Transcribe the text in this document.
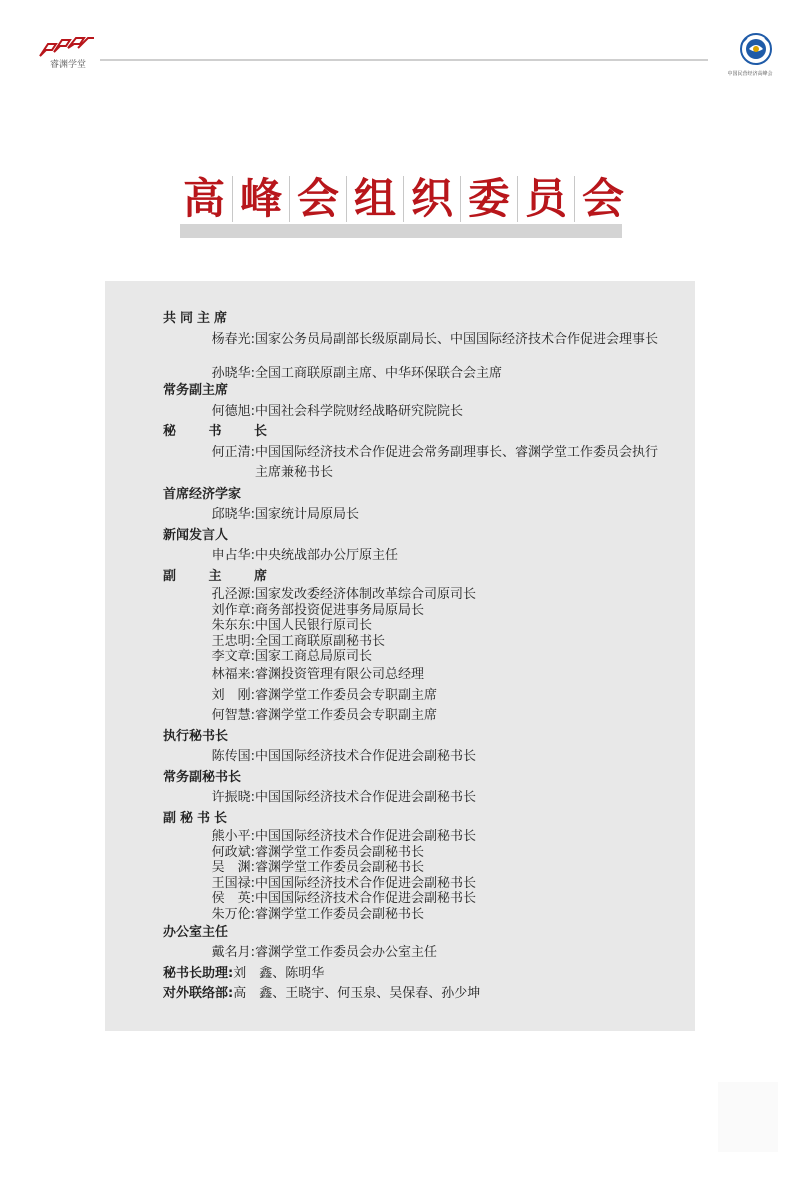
睿渊学堂
中国民营经济高峰会
高 峰 会 组 织 委 员 会
共同主席
杨春光: 国家公务员局副部长级原副局长、中国国际经济技术合作促进会理事长
孙晓华: 全国工商联原副主席、中华环保联合会主席
常务副主席
何德旭: 中国社会科学院财经战略研究院院长
秘 书 长
何正清: 中国国际经济技术合作促进会常务副理事长、睿渊学堂工作委员会执行主席兼秘书长
首席经济学家
邱晓华: 国家统计局原局长
新闻发言人
申占华: 中央统战部办公厅原主任
副 主 席
孔泾源: 国家发改委经济体制改革综合司原司长
刘作章: 商务部投资促进事务局原局长
朱东东: 中国人民银行原司长
王忠明: 全国工商联原副秘书长
李文章: 国家工商总局原司长
林福来: 睿渊投资管理有限公司总经理
刘　刚: 睿渊学堂工作委员会专职副主席
何智慧: 睿渊学堂工作委员会专职副主席
执行秘书长
陈传国: 中国国际经济技术合作促进会副秘书长
常务副秘书长
许振晓: 中国国际经济技术合作促进会副秘书长
副秘书长
熊小平: 中国国际经济技术合作促进会副秘书长
何政斌: 睿渊学堂工作委员会副秘书长
吴　渊: 睿渊学堂工作委员会副秘书长
王国禄: 中国国际经济技术合作促进会副秘书长
侯　英: 中国国际经济技术合作促进会副秘书长
朱万伦: 睿渊学堂工作委员会副秘书长
办公室主任
戴名月: 睿渊学堂工作委员会办公室主任
秘书长助理: 刘　鑫、陈明华
对外联络部: 高　鑫、王晓宇、何玉泉、吴保春、孙少坤
